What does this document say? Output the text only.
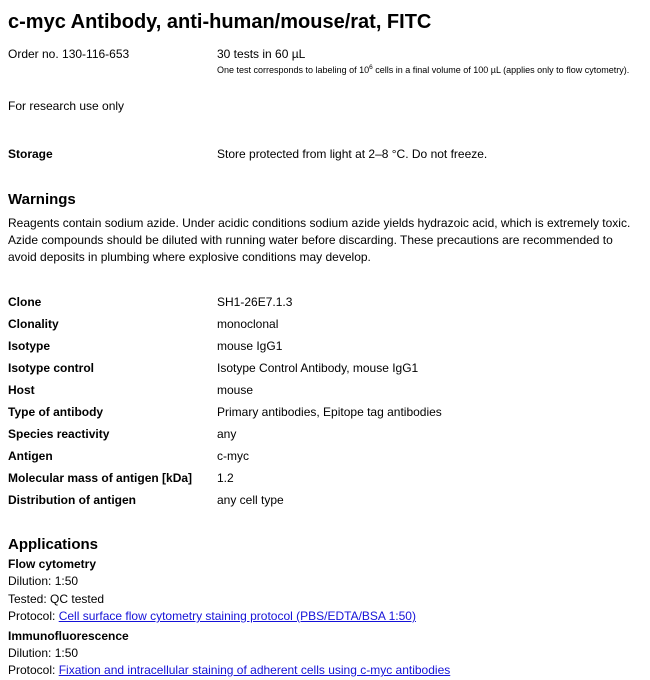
c-myc Antibody, anti-human/mouse/rat, FITC
Order no. 130-116-653	30 tests in 60 µL
One test corresponds to labeling of $10^6$ cells in a final volume of 100 µL (applies only to flow cytometry).
For research use only
Storage	Store protected from light at 2–8 °C. Do not freeze.
Warnings
Reagents contain sodium azide. Under acidic conditions sodium azide yields hydrazoic acid, which is extremely toxic. Azide compounds should be diluted with running water before discarding. These precautions are recommended to avoid deposits in plumbing where explosive conditions may develop.
Clone	SH1-26E7.1.3
Clonality	monoclonal
Isotype	mouse IgG1
Isotype control	Isotype Control Antibody, mouse IgG1
Host	mouse
Type of antibody	Primary antibodies, Epitope tag antibodies
Species reactivity	any
Antigen	c-myc
Molecular mass of antigen [kDa]	1.2
Distribution of antigen	any cell type
Applications
Flow cytometry
Dilution: 1:50
Tested: QC tested
Protocol: Cell surface flow cytometry staining protocol (PBS/EDTA/BSA 1:50)
Immunofluorescence
Dilution: 1:50
Protocol: Fixation and intracellular staining of adherent cells using c-myc antibodies
